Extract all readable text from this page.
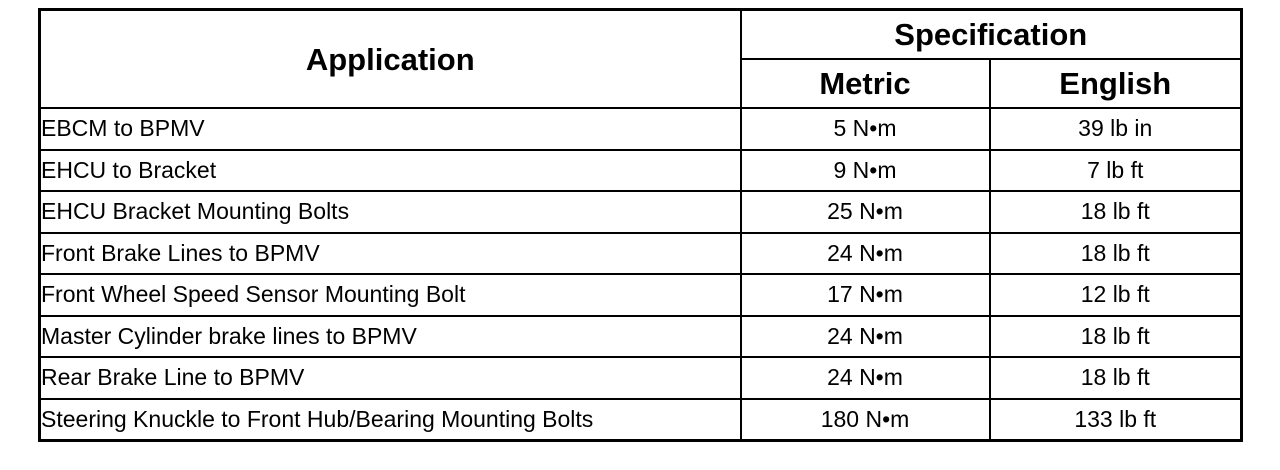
Application	Specification	
	Metric	English
EBCM to BPMV	5 N•m	39 lb in
EHCU to Bracket	9 N•m	7 lb ft
EHCU Bracket Mounting Bolts	25 N•m	18 lb ft
Front Brake Lines to BPMV	24 N•m	18 lb ft
Front Wheel Speed Sensor Mounting Bolt	17 N•m	12 lb ft
Master Cylinder brake lines to BPMV	24 N•m	18 lb ft
Rear Brake Line to BPMV	24 N•m	18 lb ft
Steering Knuckle to Front Hub/Bearing Mounting Bolts	180 N•m	133 lb ft
